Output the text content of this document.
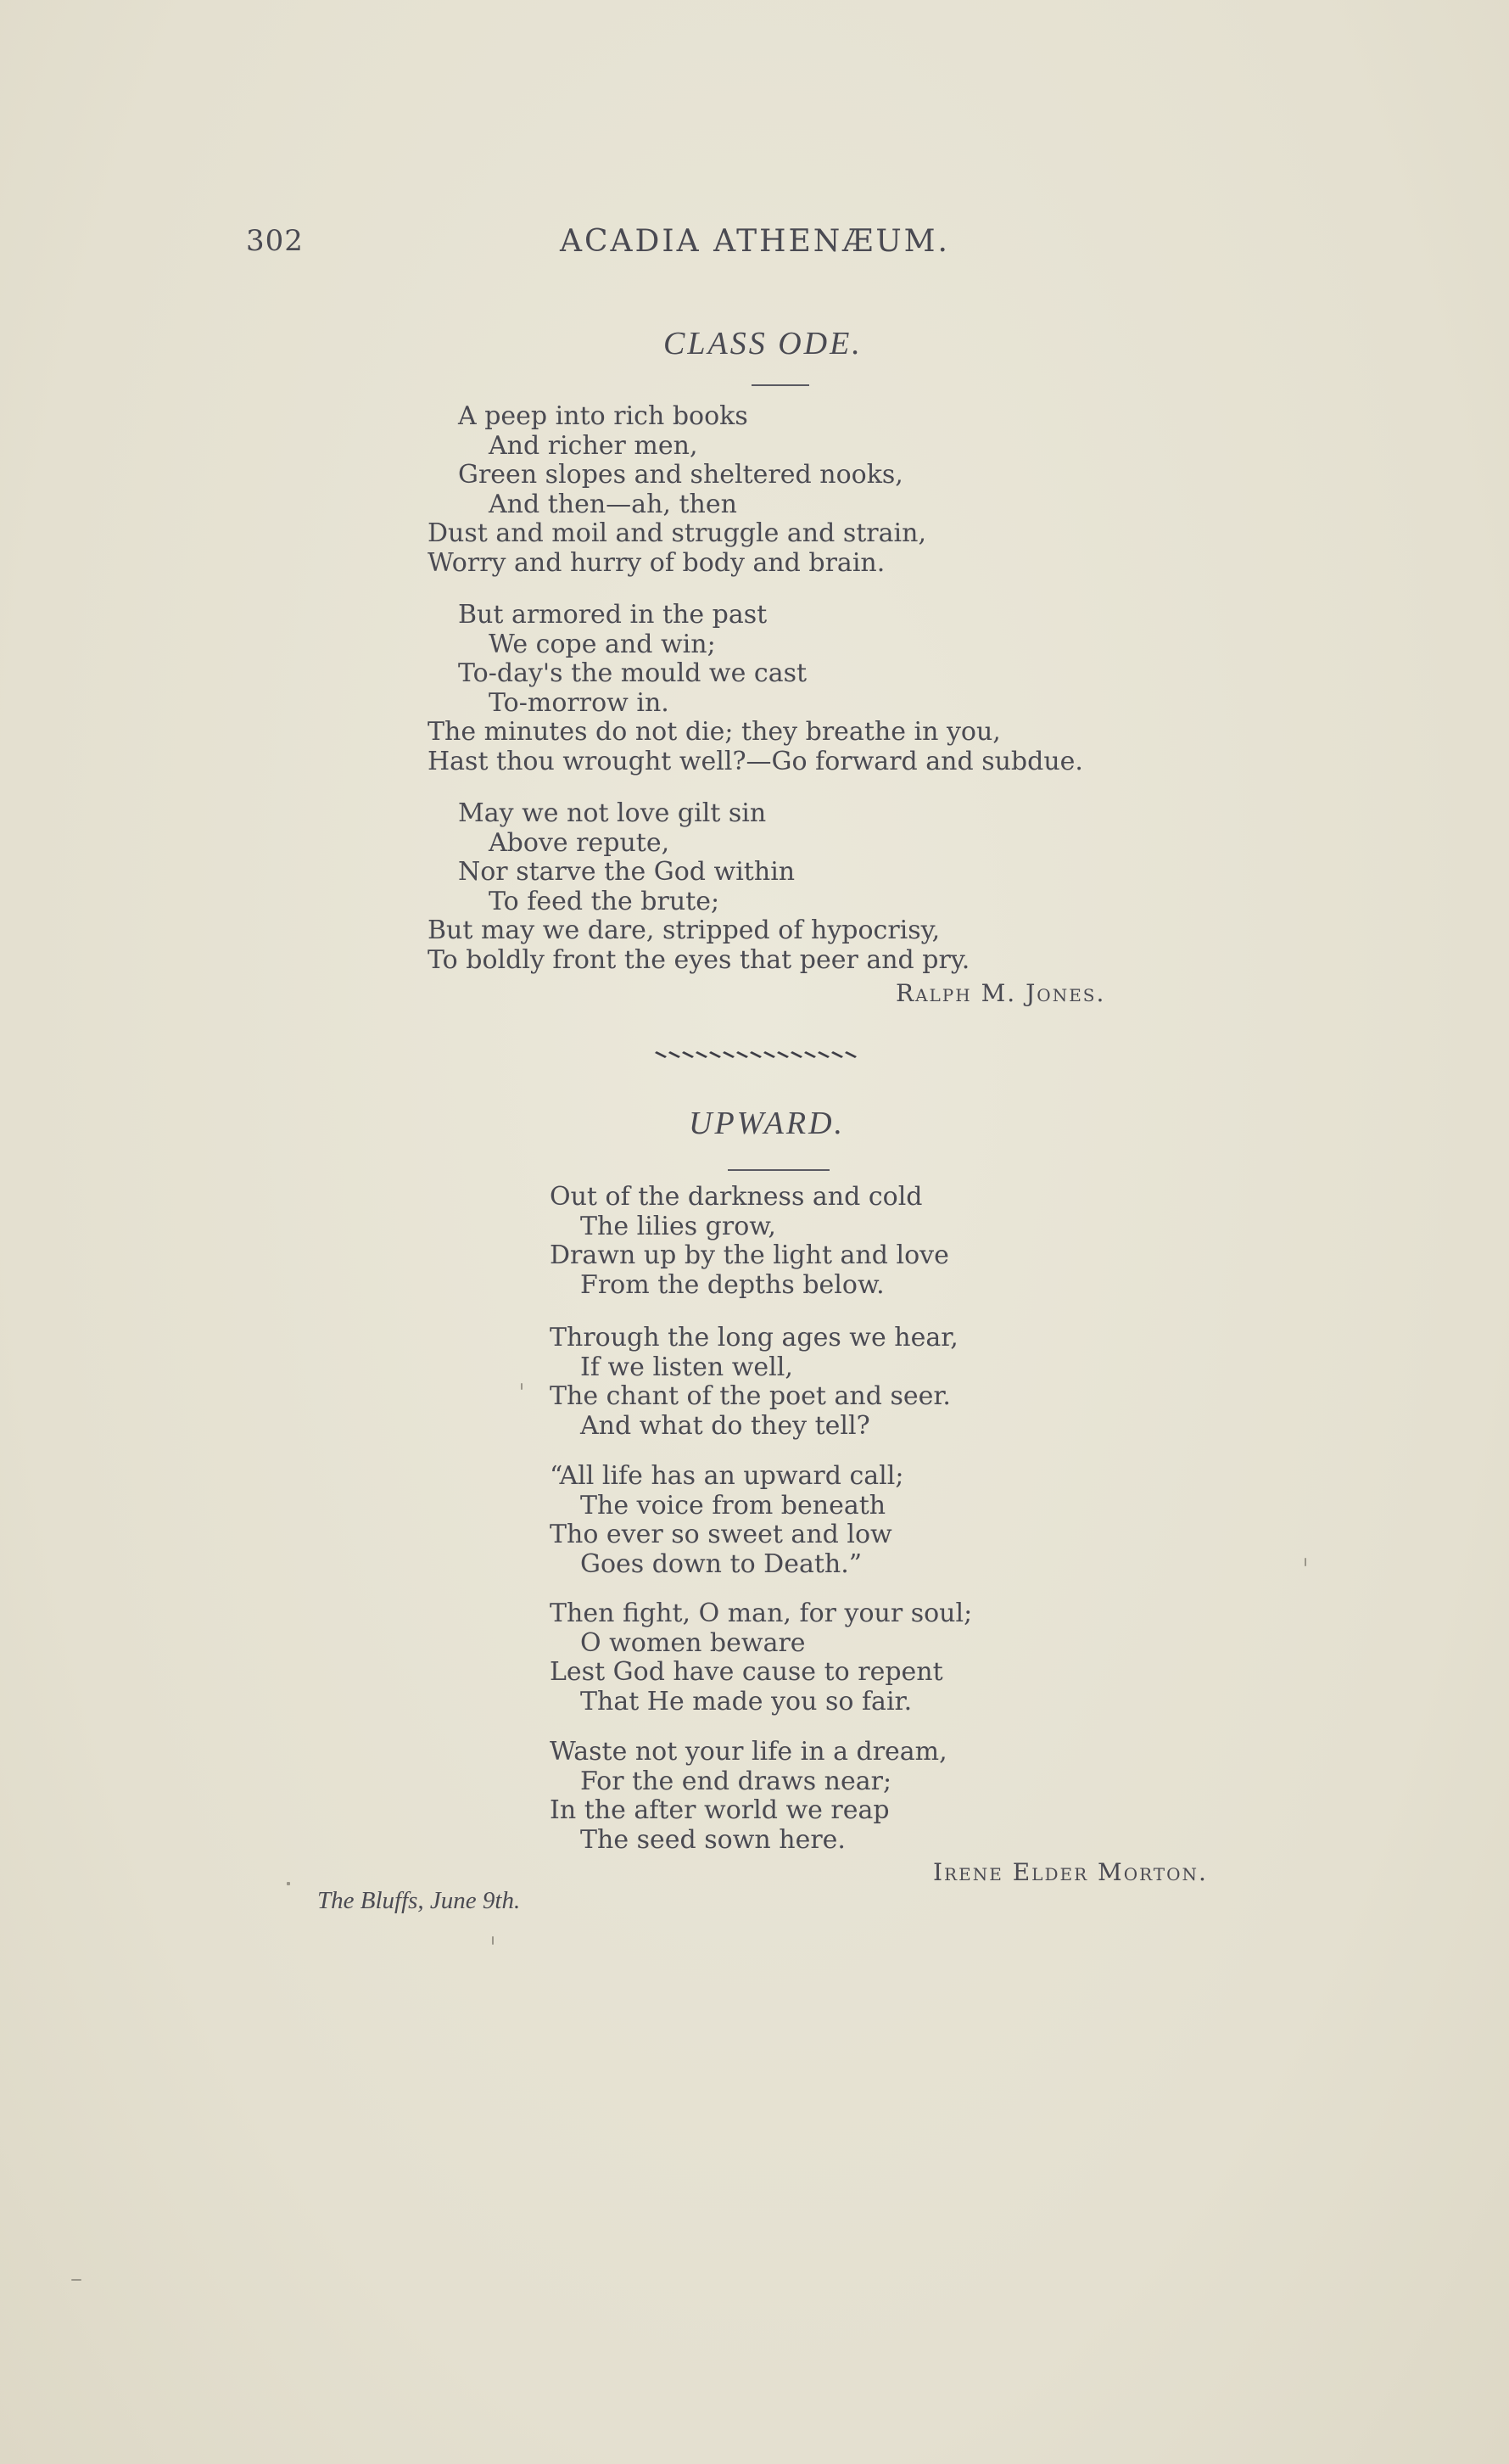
302	ACADIA ATHENÆUM.
CLASS ODE.
A peep into rich books
And richer men,
Green slopes and sheltered nooks,
And then—ah, then
Dust and moil and struggle and strain,
Worry and hurry of body and brain.
But armored in the past
We cope and win;
To-day's the mould we cast
To-morrow in.
The minutes do not die; they breathe in you,
Hast thou wrought well?—Go forward and subdue.
May we not love gilt sin
Above repute,
Nor starve the God within
To feed the brute;
But may we dare, stripped of hypocrisy,
To boldly front the eyes that peer and pry.
Ralph M. Jones.
UPWARD.
Out of the darkness and cold
The lilies grow,
Drawn up by the light and love
From the depths below.
Through the long ages we hear,
If we listen well,
The chant of the poet and seer.
And what do they tell?
“All life has an upward call;
The voice from beneath
Tho ever so sweet and low
Goes down to Death.”
Then fight, O man, for your soul;
O women beware
Lest God have cause to repent
That He made you so fair.
Waste not your life in a dream,
For the end draws near;
In the after world we reap
The seed sown here.
Irene Elder Morton.
The Bluffs, June 9th.
